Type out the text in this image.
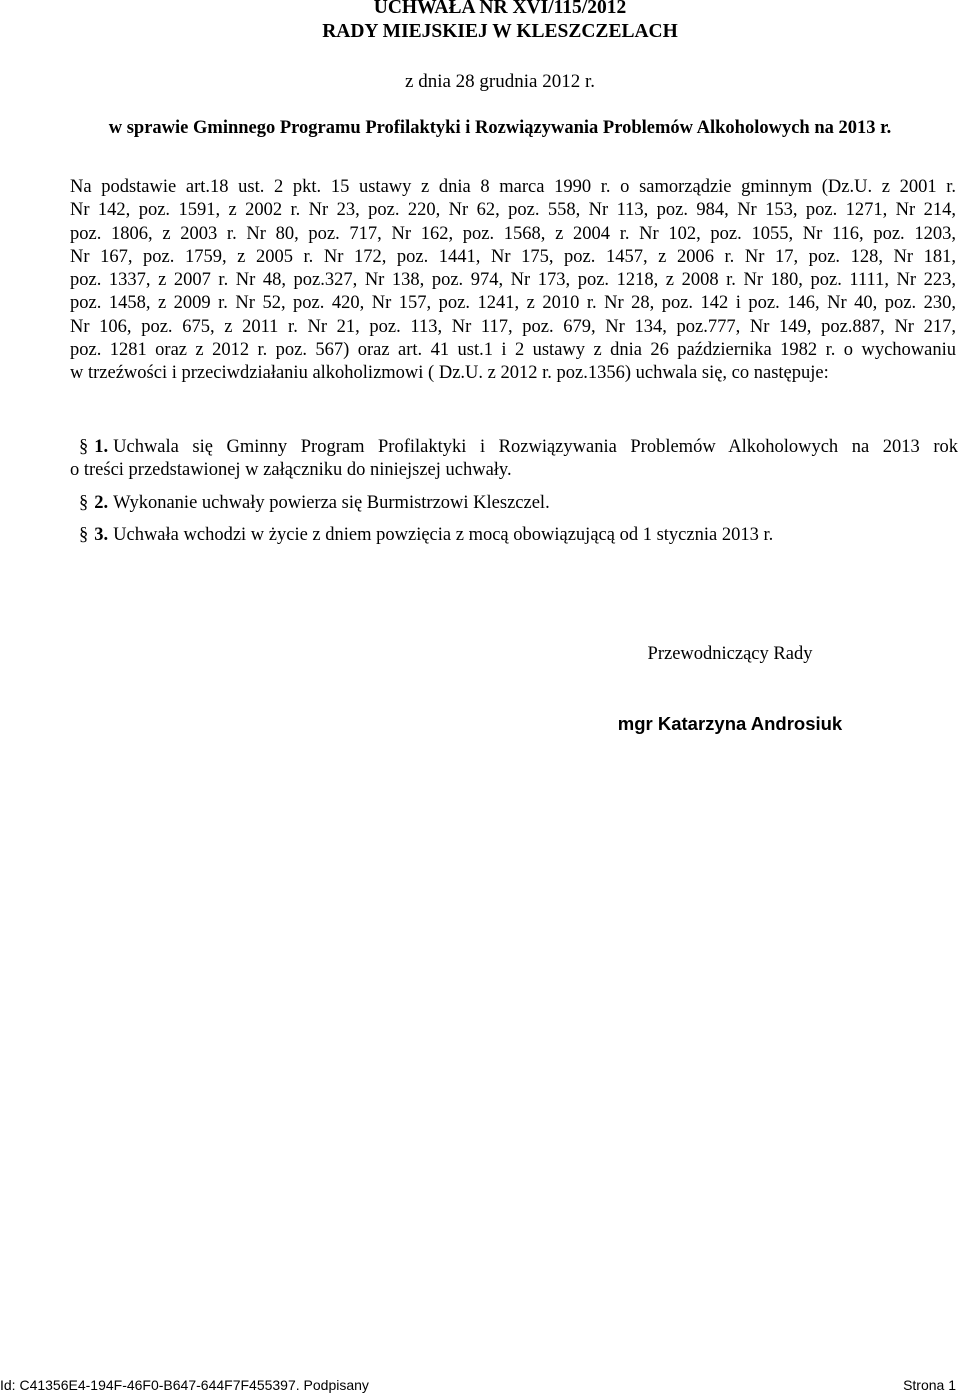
UCHWAŁA NR XVI/115/2012
RADY MIEJSKIEJ W KLESZCZELACH
z dnia 28 grudnia 2012 r.
w sprawie Gminnego Programu Profilaktyki i Rozwiązywania Problemów Alkoholowych na 2013 r.
Na podstawie art.18 ust. 2 pkt. 15 ustawy z dnia 8 marca 1990 r. o samorządzie gminnym (Dz.U. z 2001 r.
Nr 142, poz. 1591, z 2002 r. Nr 23, poz. 220, Nr 62, poz. 558, Nr 113, poz. 984, Nr 153, poz. 1271, Nr 214,
poz. 1806, z 2003 r. Nr 80, poz. 717, Nr 162, poz. 1568, z 2004 r. Nr 102, poz. 1055, Nr 116, poz. 1203,
Nr 167, poz. 1759, z 2005 r. Nr 172, poz. 1441, Nr 175, poz. 1457, z 2006 r. Nr 17, poz. 128, Nr 181,
poz. 1337, z 2007 r. Nr 48, poz.327, Nr 138, poz. 974, Nr 173, poz. 1218, z 2008 r. Nr 180, poz. 1111, Nr 223,
poz. 1458, z 2009 r. Nr 52, poz. 420, Nr 157, poz. 1241, z 2010 r. Nr 28, poz. 142 i poz. 146, Nr 40, poz. 230,
Nr 106, poz. 675, z 2011 r. Nr 21, poz. 113, Nr 117, poz. 679, Nr 134, poz.777, Nr 149, poz.887, Nr 217,
poz. 1281 oraz z 2012 r. poz. 567) oraz art. 41 ust.1 i 2 ustawy z dnia 26 października 1982 r. o wychowaniu
w trzeźwości i przeciwdziałaniu alkoholizmowi ( Dz.U. z 2012 r. poz.1356) uchwala się, co następuje:
§ 1. Uchwala się Gminny Program Profilaktyki i Rozwiązywania Problemów Alkoholowych na 2013 rok
o treści przedstawionej w załączniku do niniejszej uchwały.
§ 2. Wykonanie uchwały powierza się Burmistrzowi Kleszczel.
§ 3. Uchwała wchodzi w życie z dniem powzięcia z mocą obowiązującą od 1 stycznia 2013 r.
Przewodniczący Rady
mgr Katarzyna Androsiuk
Id: C41356E4-194F-46F0-B647-644F7F455397. Podpisany	Strona 1
